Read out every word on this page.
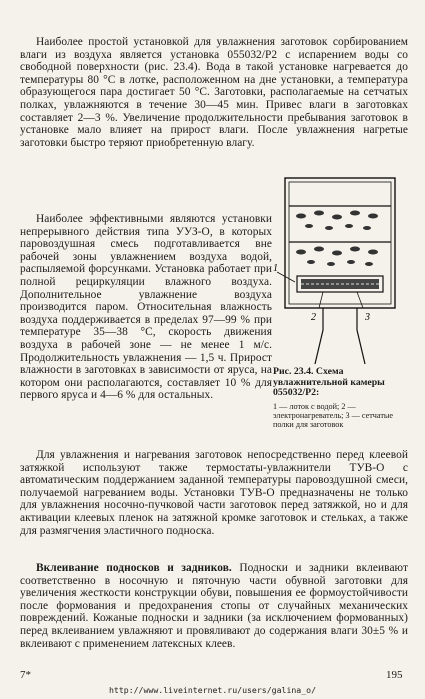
Наиболее простой установкой для увлажнения заготовок сорбированием влаги из воздуха является установка 055032/Р2 с испарением воды со свободной поверхности (рис. 23.4). Вода в такой установке нагревается до температуры 80 °С в лотке, расположенном на дне установки, а температура образующегося пара достигает 50 °С. Заготовки, располагаемые на сетчатых полках, увлажняются в течение 30—45 мин. Привес влаги в заготовках составляет 2—3 %. Увеличение продолжительности пребывания заготовок в установке мало влияет на прирост влаги. После увлажнения нагретые заготовки быстро теряют приобретенную влагу.

Наиболее эффективными являются установки непрерывного действия типа УУЗ-О, в которых паровоздушная смесь подготавливается вне рабочей зоны увлажнением воздуха водой, распыляемой форсунками. Установка работает при полной рециркуляции влажного воздуха. Дополнительное увлажнение воздуха производится паром. Относительная влажность воздуха поддерживается в пределах 97—99 % при температуре 35—38 °С, скорость движения воздуха в рабочей зоне — не менее 1 м/с. Продолжительность увлажнения — 1,5 ч. Прирост влажности в заготовках в зависимости от яруса, на котором они располагаются, составляет 10 % для первого яруса и 4—6 % для остальных.

1
2	3
Рис. 23.4. Схема увлажнительной камеры 055032/Р2:
1 — лоток с водой; 2 — электронагреватель; 3 — сетчатые полки для заготовок

Для увлажнения и нагревания заготовок непосредственно перед клеевой затяжкой используют также термостаты-увлажнители ТУВ-О с автоматическим поддержанием заданной температуры паровоздушной смеси, получаемой нагреванием воды. Установки ТУВ-О предназначены не только для увлажнения носочно-пучковой части заготовок перед затяжкой, но и для активации клеевых пленок на затяжной кромке заготовок и стельках, а также для размягчения эластичного подноска.

Вклеивание подносков и задников. Подноски и задники вклеивают соответственно в носочную и пяточную части обувной заготовки для увеличения жесткости конструкции обуви, повышения ее формоустойчивости после формования и предохранения стопы от случайных механических повреждений. Кожаные подноски и задники (за исключением формованных) перед вклеиванием увлажняют и провяливают до содержания влаги 30±5 % и вклеивают с применением латексных клеев.

7*	195
http://www.liveinternet.ru/users/galina_o/
